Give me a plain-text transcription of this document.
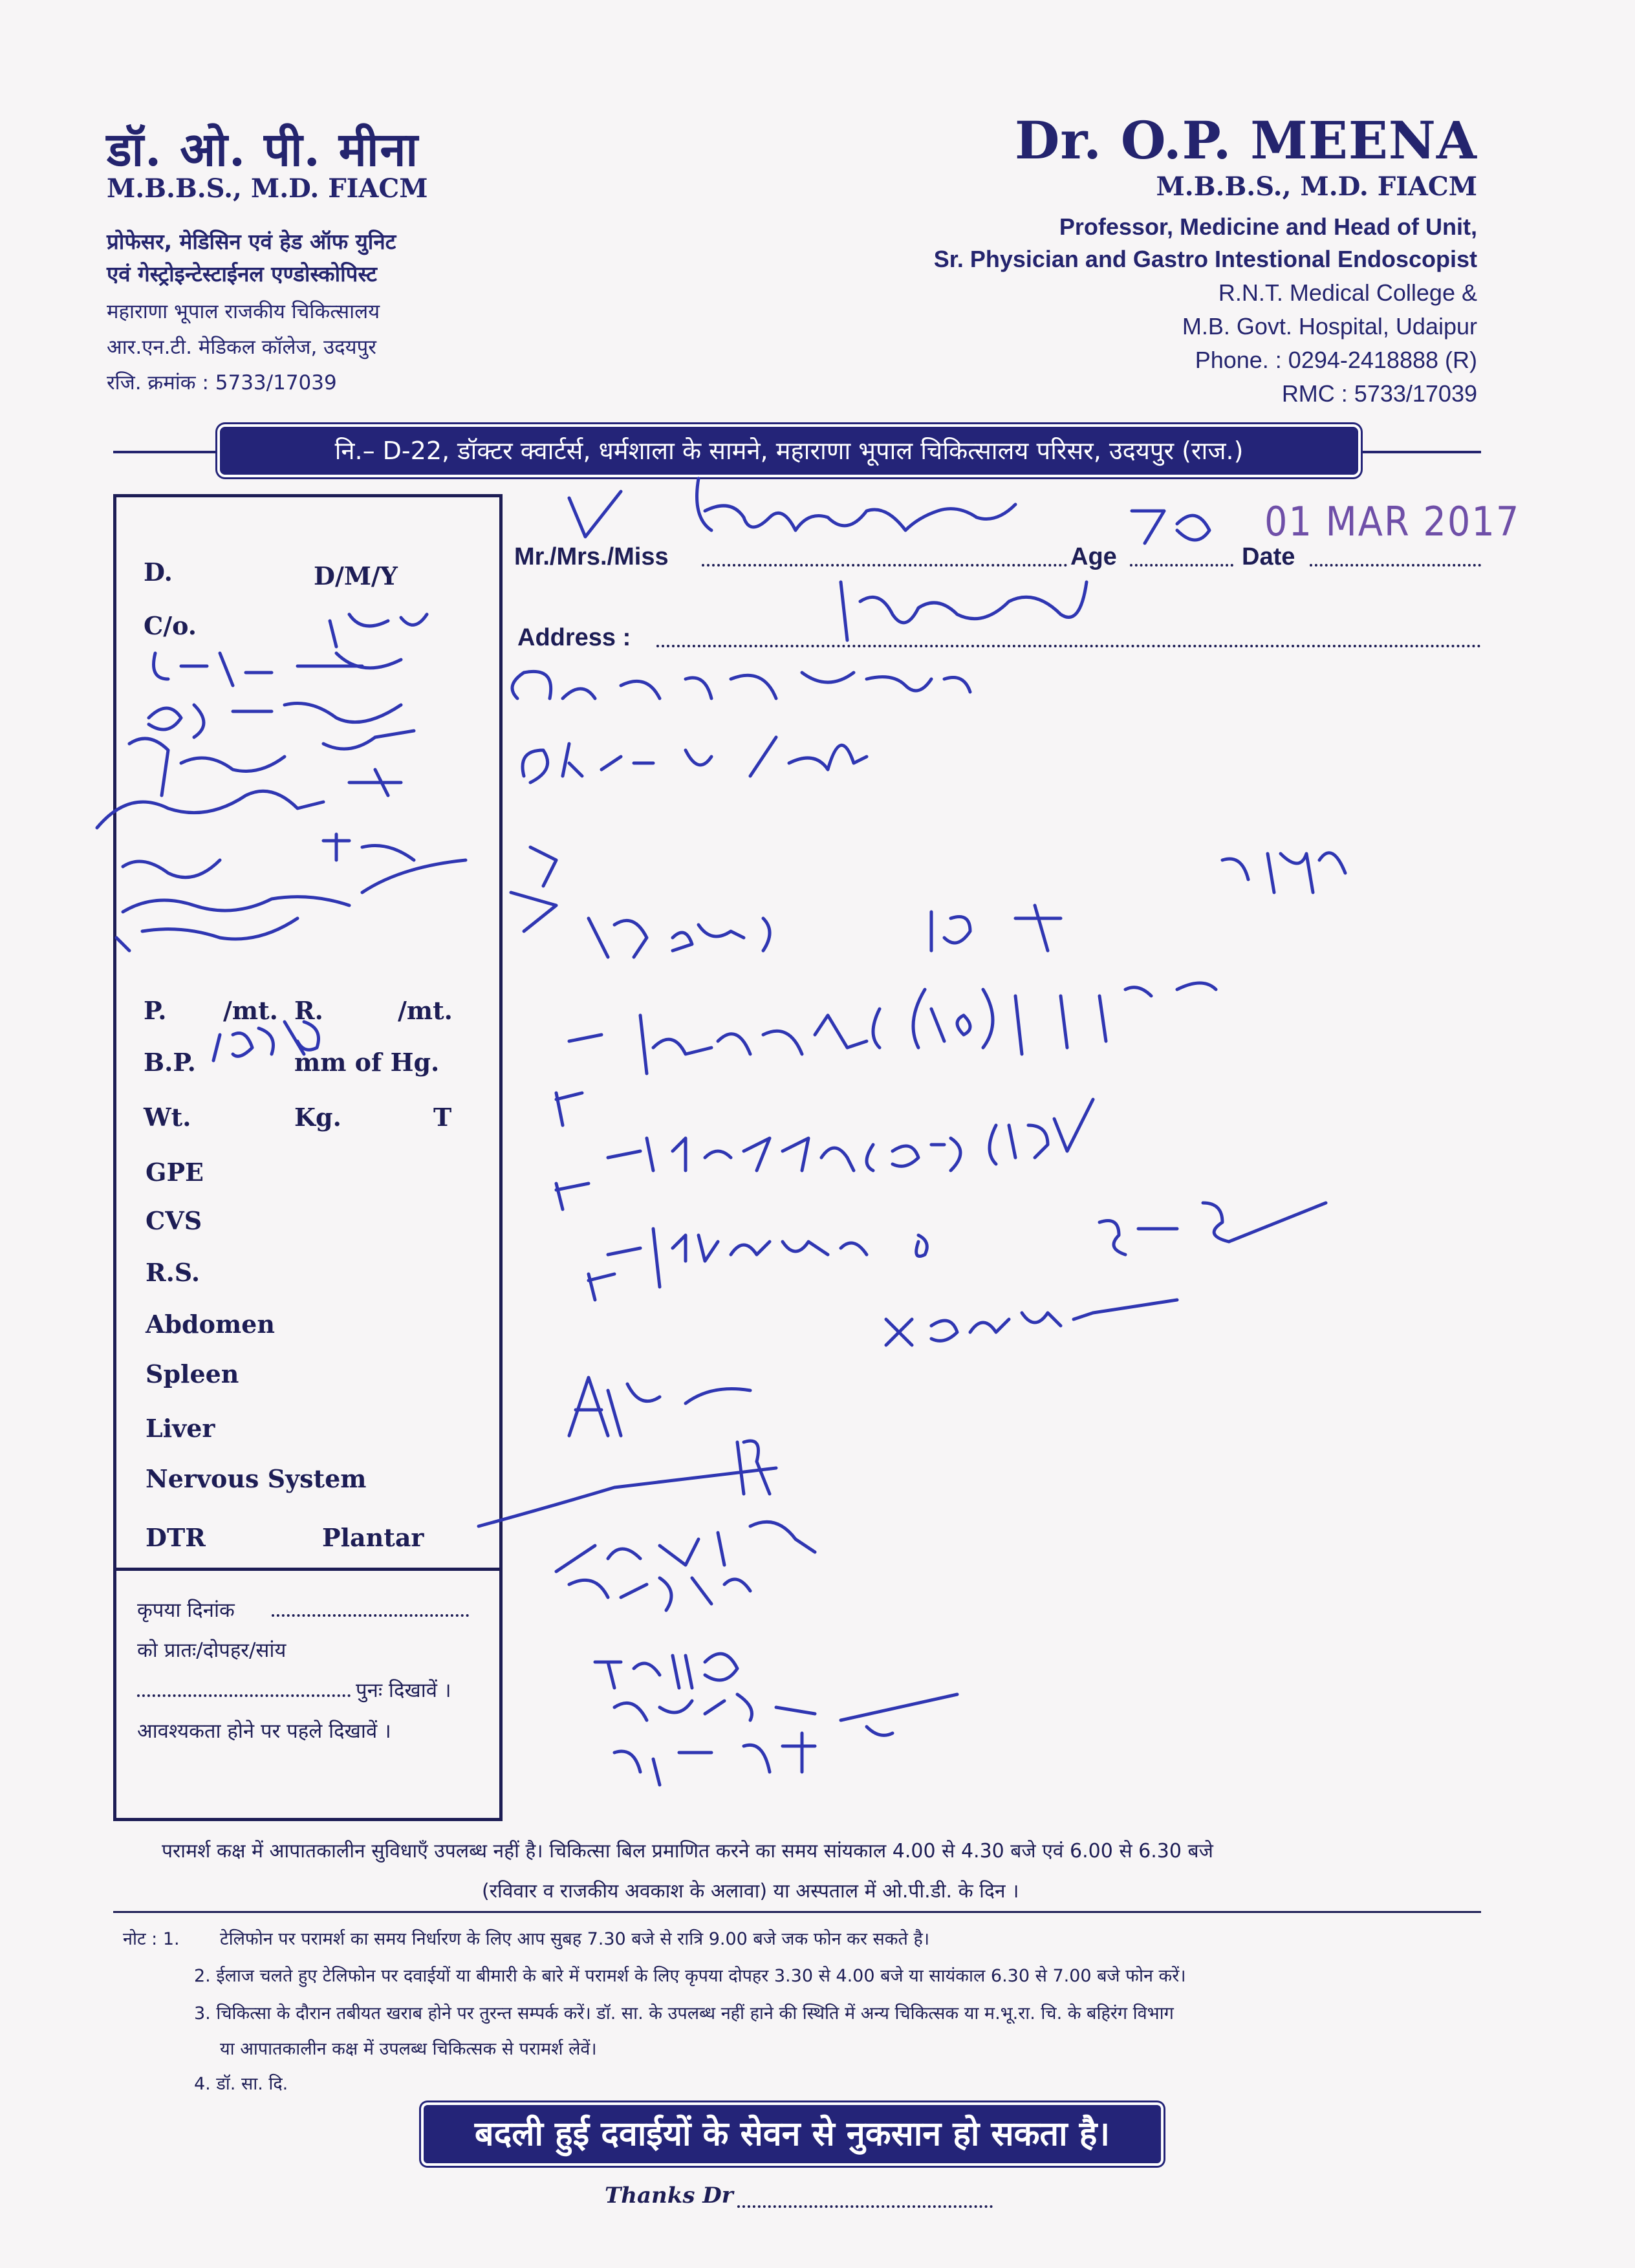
डॉ. ओ. पी. मीना
M.B.B.S., M.D. FIACM
प्रोफेसर, मेडिसिन एवं हेड ऑफ युनिट
एवं गेस्ट्रोइन्टेस्टाईनल एण्डोस्कोपिस्ट
महाराणा भूपाल राजकीय चिकित्सालय
आर.एन.टी. मेडिकल कॉलेज, उदयपुर
रजि. क्रमांक : 5733/17039
Dr. O.P. MEENA
M.B.B.S., M.D. FIACM
Professor, Medicine and Head of Unit,
Sr. Physician and Gastro Intestional Endoscopist
R.N.T. Medical College &
M.B. Govt. Hospital, Udaipur
Phone. : 0294-2418888 (R)
RMC : 5733/17039
नि.– D-22, डॉक्टर क्वार्टर्स, धर्मशाला के सामने, महाराणा भूपाल चिकित्सालय परिसर, उदयपुर (राज.)
D.	D/M/Y
C/o.
P. /mt. R.	/mt.
B.P.	mm of Hg.
Wt.	Kg.	T
GPE
CVS
R.S.
Abdomen
Spleen
Liver
Nervous System
DTR	Plantar
कृपया दिनांक
को प्रातः/दोपहर/सांय
पुनः दिखावें ।
आवश्यकता होने पर पहले दिखावें ।
Mr./Mrs./Miss	Age	Date
Address :
01 MAR 2017
परामर्श कक्ष में आपातकालीन सुविधाएँ उपलब्ध नहीं है। चिकित्सा बिल प्रमाणित करने का समय सांयकाल 4.00 से 4.30 बजे एवं 6.00 से 6.30 बजे
(रविवार व राजकीय अवकाश के अलावा) या अस्पताल में ओ.पी.डी. के दिन ।
नोट : 1. टेलिफोन पर परामर्श का समय निर्धारण के लिए आप सुबह 7.30 बजे से रात्रि 9.00 बजे जक फोन कर सकते है।
2. ईलाज चलते हुए टेलिफोन पर दवाईयों या बीमारी के बारे में परामर्श के लिए कृपया दोपहर 3.30 से 4.00 बजे या सायंकाल 6.30 से 7.00 बजे फोन करें।
3. चिकित्सा के दौरान तबीयत खराब होने पर तुरन्त सम्पर्क करें। डॉ. सा. के उपलब्ध नहीं हाने की स्थिति में अन्य चिकित्सक या म.भू.रा. चि. के बहिरंग विभाग
या आपातकालीन कक्ष में उपलब्ध चिकित्सक से परामर्श लेवें।
4. डॉ. सा. दि.
बदली हुई दवाईयों के सेवन से नुकसान हो सकता है।
Thanks Dr
